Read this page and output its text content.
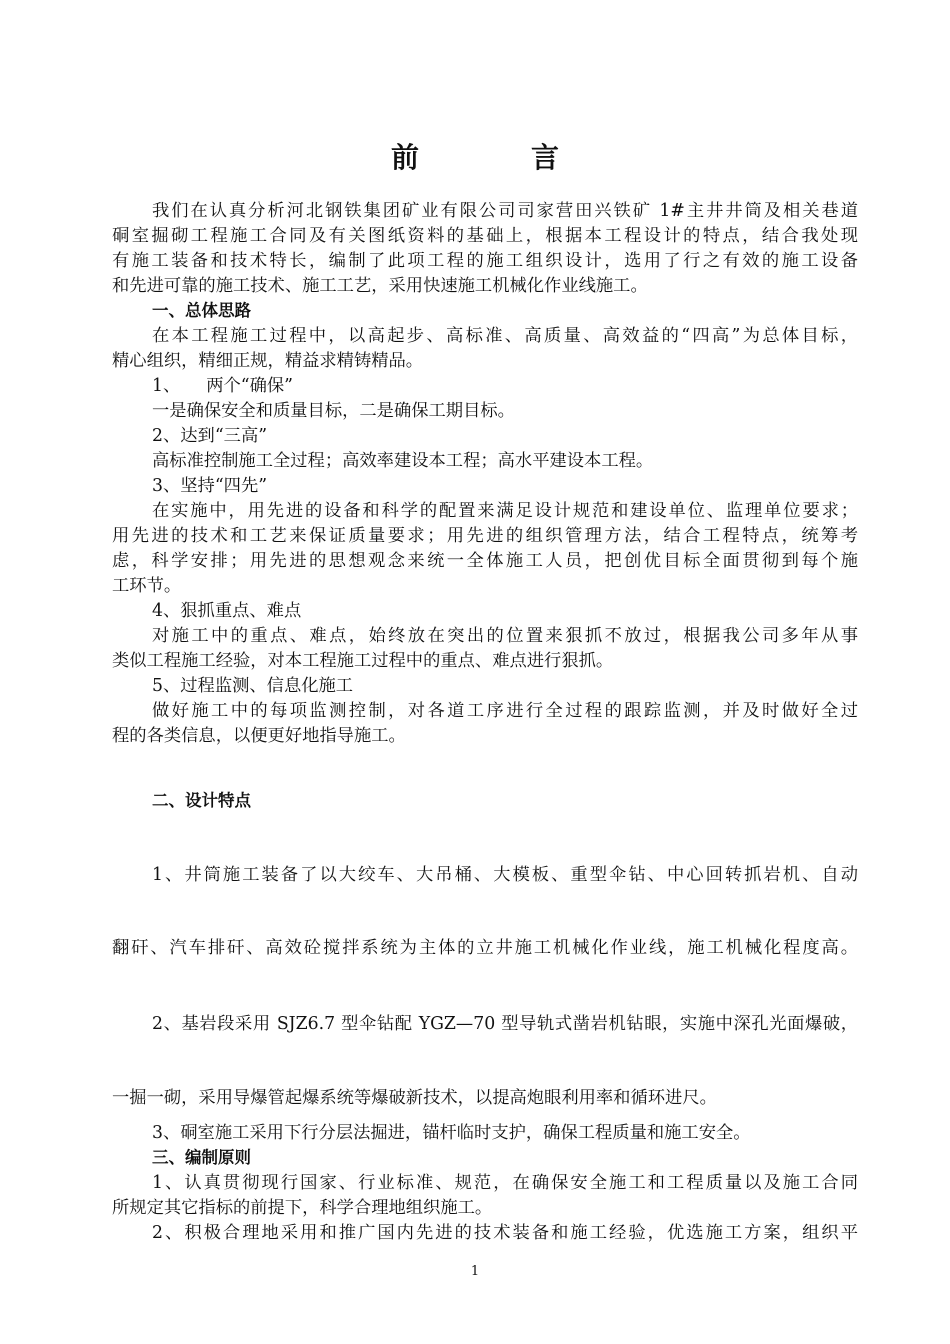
前　言
我们在认真分析河北钢铁集团矿业有限公司司家营田兴铁矿 1#主井井筒及相关巷道
硐室掘砌工程施工合同及有关图纸资料的基础上，根据本工程设计的特点，结合我处现
有施工装备和技术特长，编制了此项工程的施工组织设计，选用了行之有效的施工设备
和先进可靠的施工技术、施工工艺，采用快速施工机械化作业线施工。
一、总体思路
在本工程施工过程中，以高起步、高标准、高质量、高效益的“四高”为总体目标，
精心组织，精细正规，精益求精铸精品。
1、　　两个“确保”
一是确保安全和质量目标，二是确保工期目标。
2、达到“三高”
高标准控制施工全过程；高效率建设本工程；高水平建设本工程。
3、坚持“四先”
在实施中，用先进的设备和科学的配置来满足设计规范和建设单位、监理单位要求；
用先进的技术和工艺来保证质量要求；用先进的组织管理方法，结合工程特点，统筹考
虑，科学安排；用先进的思想观念来统一全体施工人员，把创优目标全面贯彻到每个施
工环节。
4、狠抓重点、难点
对施工中的重点、难点，始终放在突出的位置来狠抓不放过，根据我公司多年从事
类似工程施工经验，对本工程施工过程中的重点、难点进行狠抓。
5、过程监测、信息化施工
做好施工中的每项监测控制，对各道工序进行全过程的跟踪监测，并及时做好全过
程的各类信息，以便更好地指导施工。
二、设计特点
1、井筒施工装备了以大绞车、大吊桶、大模板、重型伞钻、中心回转抓岩机、自动
翻矸、汽车排矸、高效砼搅拌系统为主体的立井施工机械化作业线，施工机械化程度高。
2、基岩段采用 SJZ6.7 型伞钻配 YGZ—70 型导轨式凿岩机钻眼，实施中深孔光面爆破，
一掘一砌，采用导爆管起爆系统等爆破新技术，以提高炮眼利用率和循环进尺。
3、硐室施工采用下行分层法掘进，锚杆临时支护，确保工程质量和施工安全。
三、编制原则
1、认真贯彻现行国家、行业标准、规范，在确保安全施工和工程质量以及施工合同
所规定其它指标的前提下，科学合理地组织施工。
2、积极合理地采用和推广国内先进的技术装备和施工经验，优选施工方案，组织平
1
